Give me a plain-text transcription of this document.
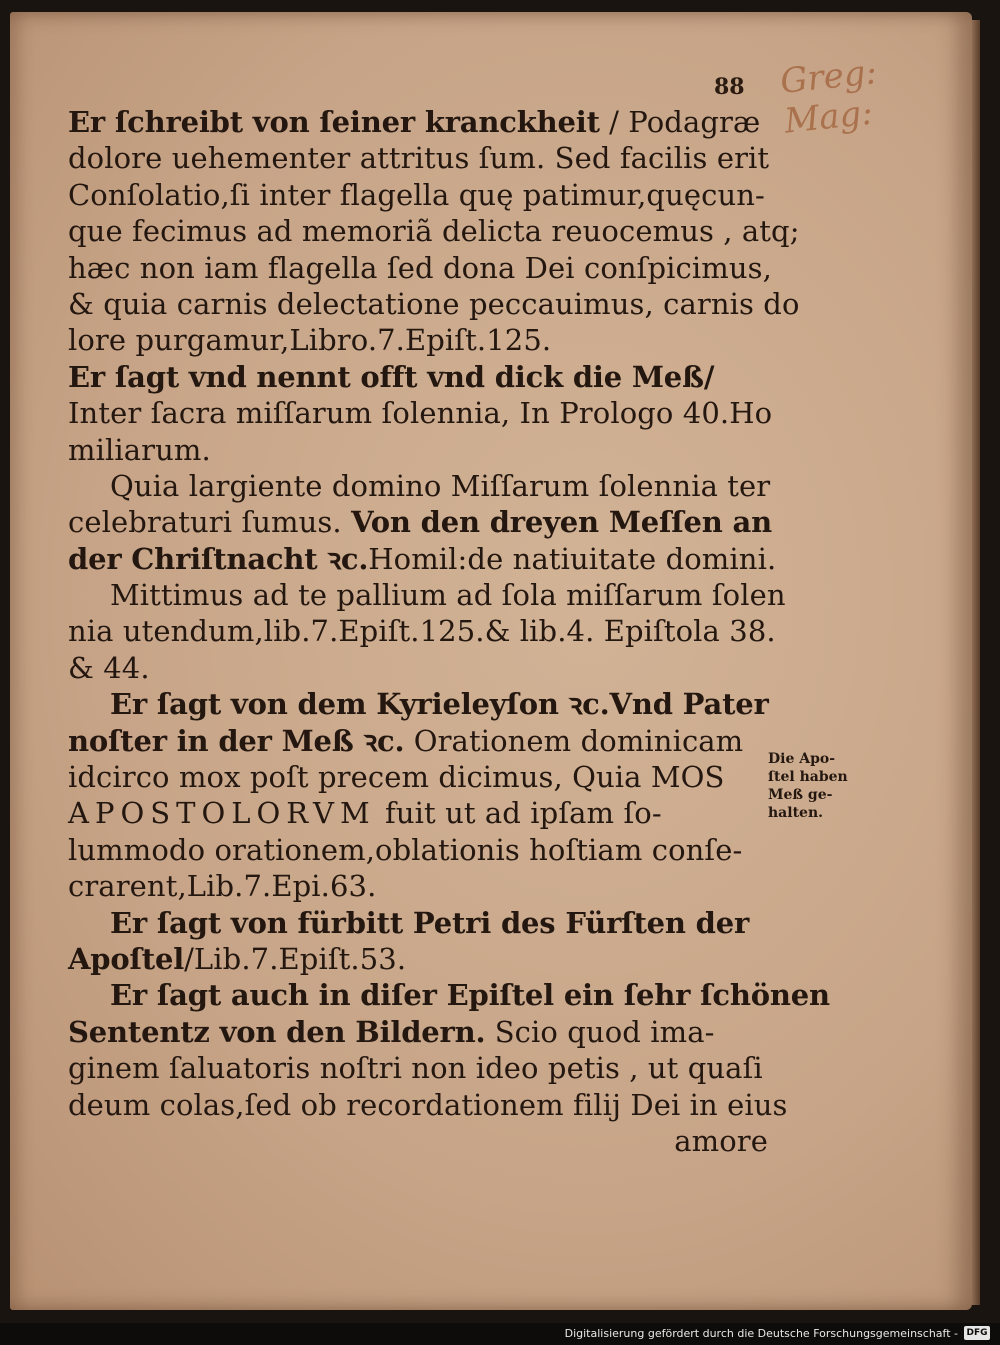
88 Greg: Mag:
Er ſchreibt von ſeiner kranckheit / Podagræ
dolore uehementer attritus ſum. Sed facilis erit
Conſolatio,ſi inter flagella quę patimur,quęcun-
que fecimus ad memoriã delicta reuocemus , atq;
hæc non iam flagella ſed dona Dei conſpicimus,
& quia carnis delectatione peccauimus, carnis do
lore purgamur,Libro.7.Epiſt.125.
Er ſagt vnd nennt offt vnd dick die Meß/
Inter ſacra miſſarum ſolennia, In Prologo 40.Ho
miliarum.
Quia largiente domino Miſſarum ſolennia ter
celebraturi ſumus. Von den dreyen Meſſen an
der Chriſtnacht ꝛc.Homil:de natiuitate domini.
Mittimus ad te pallium ad ſola miſſarum ſolen
nia utendum,lib.7.Epiſt.125.& lib.4. Epiſtola 38.
& 44.
Er ſagt von dem Kyrieleyſon ꝛc.Vnd Pater
noſter in der Meß ꝛc. Orationem dominicam
idcirco mox poſt precem dicimus, Quia MOS
APOSTOLORVM fuit ut ad ipſam ſo-
lummodo orationem,oblationis hoſtiam conſe-
crarent,Lib.7.Epi.63.
Er ſagt von fürbitt Petri des Fürſten der
Apoſtel/Lib.7.Epiſt.53.
Er ſagt auch in diſer Epiſtel ein ſehr ſchönen
Sententz von den Bildern. Scio quod ima-
ginem ſaluatoris noſtri non ideo petis , ut quaſi
deum colas,ſed ob recordationem filij Dei in eius
amore
Die Apo-
ſtel haben
Meß ge-
halten.
Digitalisierung gefördert durch die Deutsche Forschungsgemeinschaft - DFG
